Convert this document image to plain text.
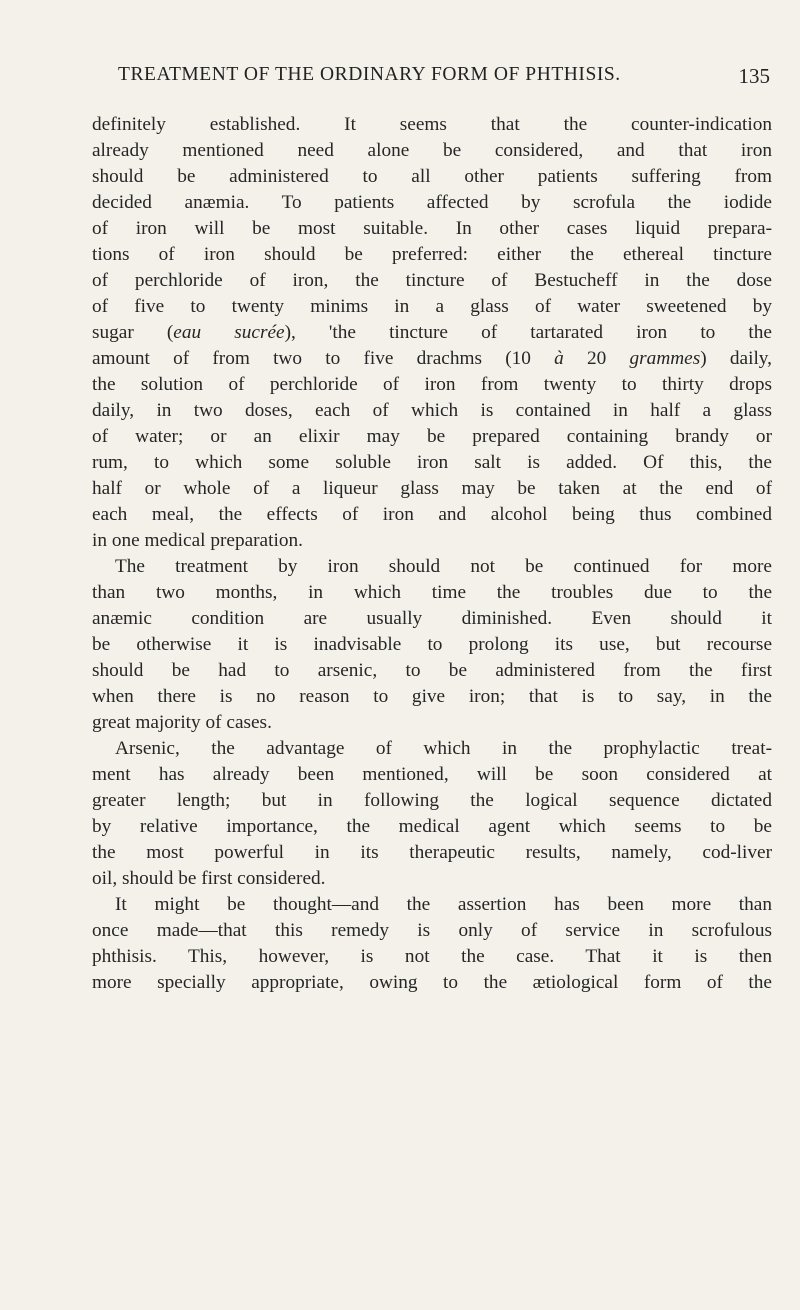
TREATMENT OF THE ORDINARY FORM OF PHTHISIS.	135
definitely established. It seems that the counter-indication
already mentioned need alone be considered, and that iron
should be administered to all other patients suffering from
decided anæmia. To patients affected by scrofula the iodide
of iron will be most suitable. In other cases liquid prepara-
tions of iron should be preferred: either the ethereal tincture
of perchloride of iron, the tincture of Bestucheff in the dose
of five to twenty minims in a glass of water sweetened by
sugar (eau sucrée), 'the tincture of tartarated iron to the
amount of from two to five drachms (10 à 20 grammes) daily,
the solution of perchloride of iron from twenty to thirty drops
daily, in two doses, each of which is contained in half a glass
of water; or an elixir may be prepared containing brandy or
rum, to which some soluble iron salt is added. Of this, the
half or whole of a liqueur glass may be taken at the end of
each meal, the effects of iron and alcohol being thus combined
in one medical preparation.
The treatment by iron should not be continued for more
than two months, in which time the troubles due to the
anæmic condition are usually diminished. Even should it
be otherwise it is inadvisable to prolong its use, but recourse
should be had to arsenic, to be administered from the first
when there is no reason to give iron; that is to say, in the
great majority of cases.
Arsenic, the advantage of which in the prophylactic treat-
ment has already been mentioned, will be soon considered at
greater length; but in following the logical sequence dictated
by relative importance, the medical agent which seems to be
the most powerful in its therapeutic results, namely, cod-liver
oil, should be first considered.
It might be thought—and the assertion has been more than
once made—that this remedy is only of service in scrofulous
phthisis. This, however, is not the case. That it is then
more specially appropriate, owing to the ætiological form of the
